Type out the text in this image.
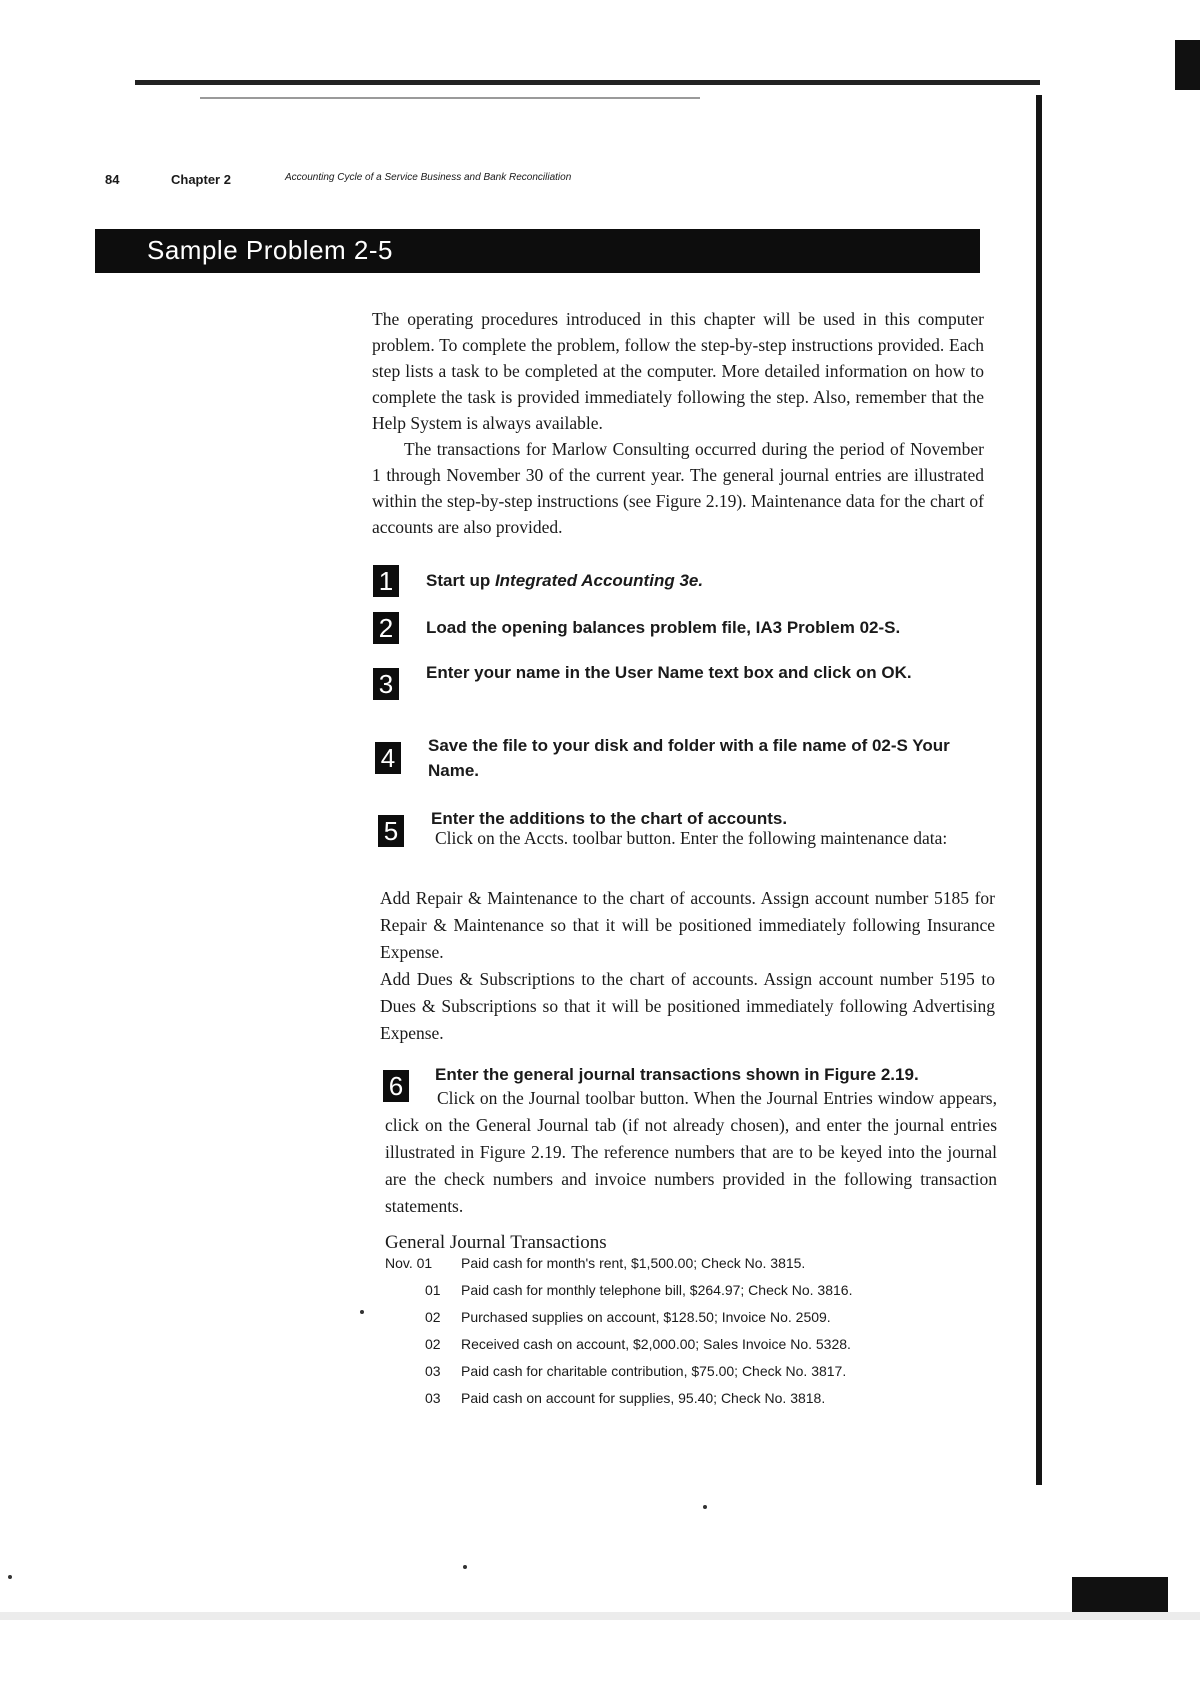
84	Chapter 2	Accounting Cycle of a Service Business and Bank Reconciliation
Sample Problem 2-5

The operating procedures introduced in this chapter will be used in this computer problem. To complete the problem, follow the step-by-step instructions provided. Each step lists a task to be completed at the computer. More detailed information on how to complete the task is provided immediately following the step. Also, remember that the Help System is always available.

The transactions for Marlow Consulting occurred during the period of November 1 through November 30 of the current year. The general journal entries are illustrated within the step-by-step instructions (see Figure 2.19). Maintenance data for the chart of accounts are also provided.

1	Start up Integrated Accounting 3e.
2	Load the opening balances problem file, IA3 Problem 02-S.
3	Enter your name in the User Name text box and click on OK.
4	Save the file to your disk and folder with a file name of 02-S Your Name.
5	Enter the additions to the chart of accounts.

Click on the Accts. toolbar button. Enter the following maintenance data:

Add Repair & Maintenance to the chart of accounts. Assign account number 5185 for Repair & Maintenance so that it will be positioned immediately following Insurance Expense.

Add Dues & Subscriptions to the chart of accounts. Assign account number 5195 to Dues & Subscriptions so that it will be positioned immediately following Advertising Expense.

6	Enter the general journal transactions shown in Figure 2.19.

Click on the Journal toolbar button. When the Journal Entries window appears, click on the General Journal tab (if not already chosen), and enter the journal entries illustrated in Figure 2.19. The reference numbers that are to be keyed into the journal are the check numbers and invoice numbers provided in the following transaction statements.

General Journal Transactions
Nov. 01 Paid cash for month's rent, $1,500.00; Check No. 3815.
01 Paid cash for monthly telephone bill, $264.97; Check No. 3816.
02 Purchased supplies on account, $128.50; Invoice No. 2509.
02 Received cash on account, $2,000.00; Sales Invoice No. 5328.
03 Paid cash for charitable contribution, $75.00; Check No. 3817.
03 Paid cash on account for supplies, 95.40; Check No. 3818.
